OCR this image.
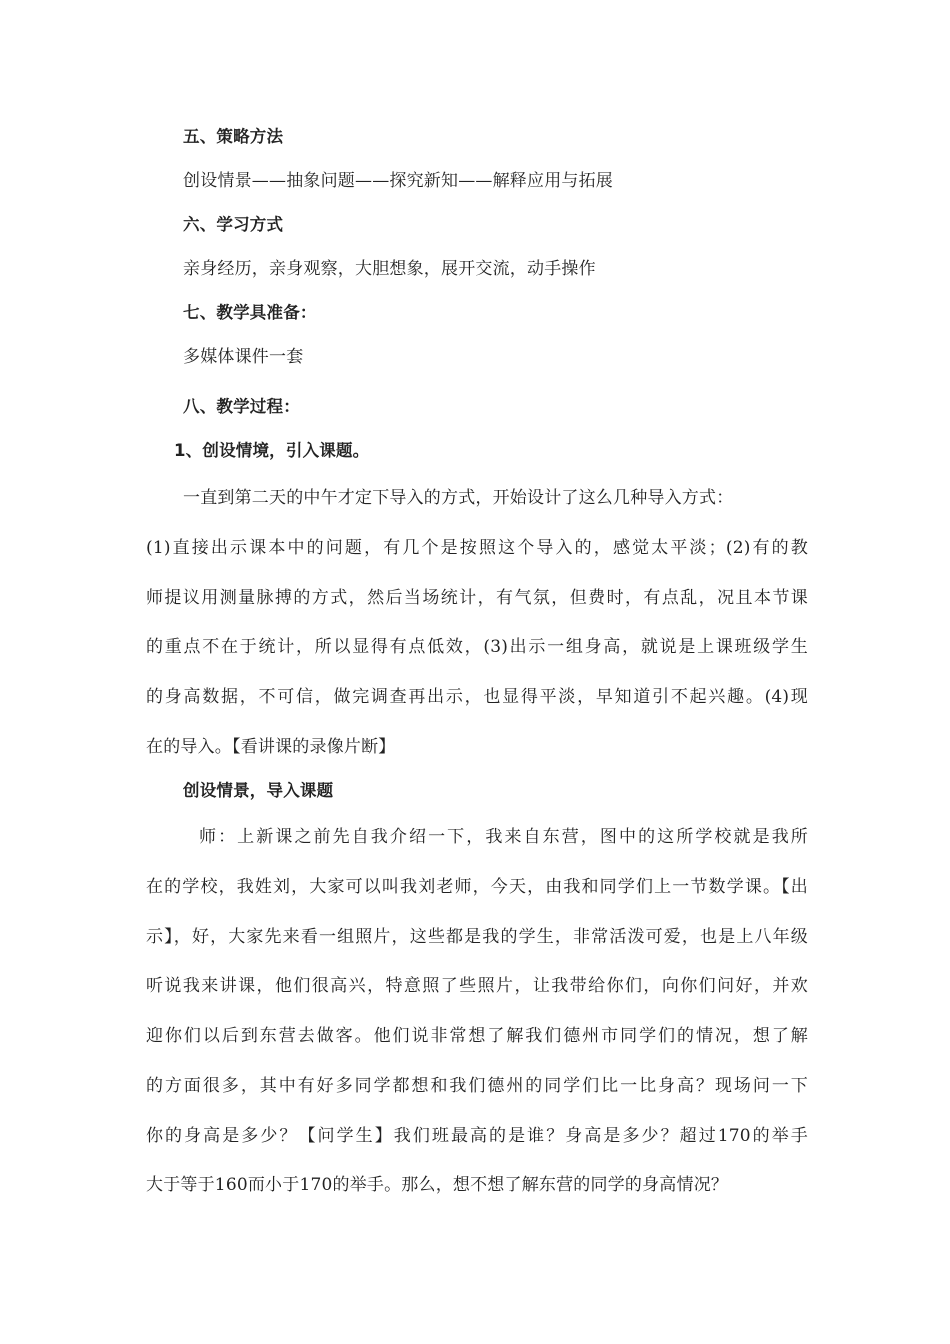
五、策略方法
创设情景——抽象问题——探究新知——解释应用与拓展
六、学习方式
亲身经历，亲身观察，大胆想象，展开交流，动手操作
七、教学具准备：
多媒体课件一套
八、教学过程：
1、创设情境，引入课题。
一直到第二天的中午才定下导入的方式，开始设计了这么几种导入方式：
(1)直接出示课本中的问题，有几个是按照这个导入的，感觉太平淡；(2)有的教
师提议用测量脉搏的方式，然后当场统计，有气氛，但费时，有点乱，况且本节课
的重点不在于统计，所以显得有点低效，(3)出示一组身高，就说是上课班级学生
的身高数据，不可信，做完调查再出示，也显得平淡，早知道引不起兴趣。(4)现
在的导入。【看讲课的录像片断】
创设情景，导入课题
师：上新课之前先自我介绍一下，我来自东营，图中的这所学校就是我所
在的学校，我姓刘，大家可以叫我刘老师，今天，由我和同学们上一节数学课。【出
示】，好，大家先来看一组照片，这些都是我的学生，非常活泼可爱，也是上八年级
听说我来讲课，他们很高兴，特意照了些照片，让我带给你们，向你们问好，并欢
迎你们以后到东营去做客。他们说非常想了解我们德州市同学们的情况，想了解
的方面很多，其中有好多同学都想和我们德州的同学们比一比身高？现场问一下
你的身高是多少？【问学生】我们班最高的是谁？身高是多少？超过170的举手
大于等于160而小于170的举手。那么，想不想了解东营的同学的身高情况？
